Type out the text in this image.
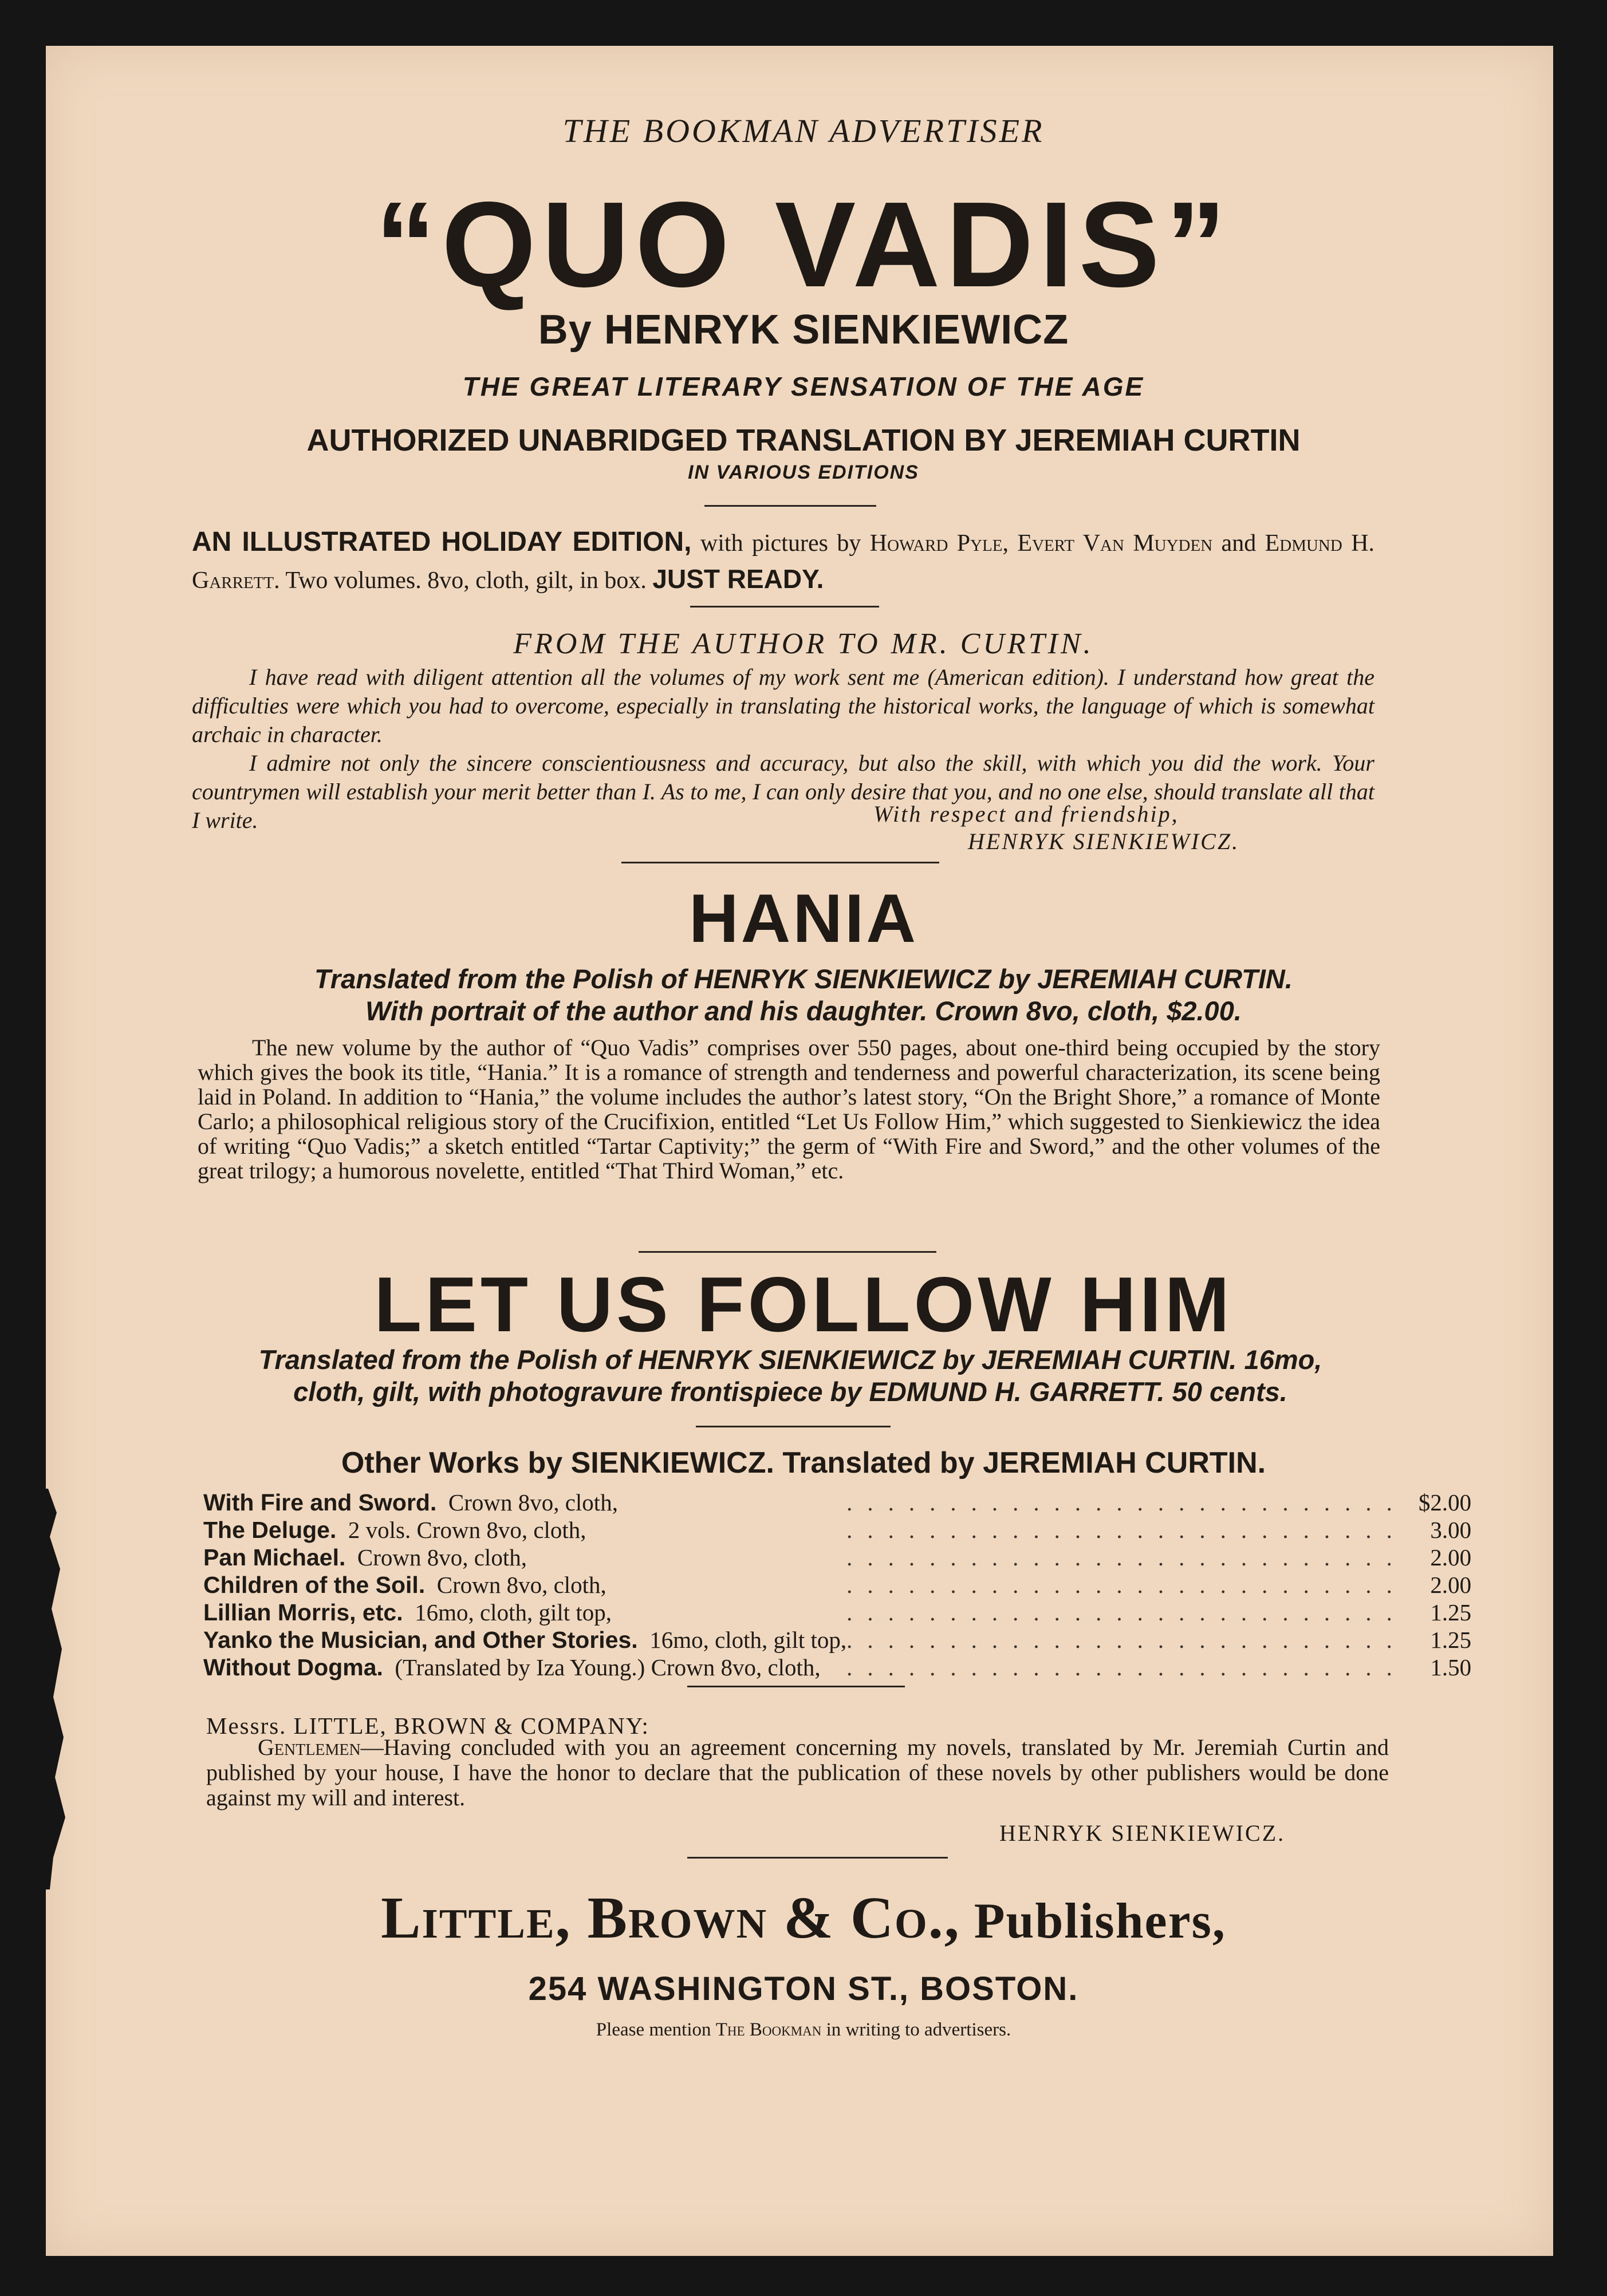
THE BOOKMAN ADVERTISER
“QUO VADIS”
By HENRYK SIENKIEWICZ
THE GREAT LITERARY SENSATION OF THE AGE
AUTHORIZED UNABRIDGED TRANSLATION BY JEREMIAH CURTIN
IN VARIOUS EDITIONS
AN ILLUSTRATED HOLIDAY EDITION, with pictures by Howard Pyle, Evert Van Muyden and Edmund H. Garrett. Two volumes. 8vo, cloth, gilt, in box. JUST READY.
FROM THE AUTHOR TO MR. CURTIN.

I have read with diligent attention all the volumes of my work sent me (American edition). I understand how great the difficulties were which you had to overcome, especially in translating the historical works, the language of which is somewhat archaic in character.

I admire not only the sincere conscientiousness and accuracy, but also the skill, with which you did the work. Your countrymen will establish your merit better than I. As to me, I can only desire that you, and no one else, should translate all that I write.	With respect and friendship,
HENRYK SIENKIEWICZ.
HANIA
Translated from the Polish of HENRYK SIENKIEWICZ by JEREMIAH CURTIN.
With portrait of the author and his daughter. Crown 8vo, cloth, $2.00.

The new volume by the author of “Quo Vadis” comprises over 550 pages, about one-third being occupied by the story which gives the book its title, “Hania.” It is a romance of strength and tenderness and powerful characterization, its scene being laid in Poland. In addition to “Hania,” the volume includes the author’s latest story, “On the Bright Shore,” a romance of Monte Carlo; a philosophical religious story of the Crucifixion, entitled “Let Us Follow Him,” which suggested to Sienkiewicz the idea of writing “Quo Vadis;” a sketch entitled “Tartar Captivity;” the germ of “With Fire and Sword,” and the other volumes of the great trilogy; a humorous novelette, entitled “That Third Woman,” etc.

LET US FOLLOW HIM
Translated from the Polish of HENRYK SIENKIEWICZ by JEREMIAH CURTIN. 16mo,
cloth, gilt, with photogravure frontispiece by EDMUND H. GARRETT. 50 cents.
Other Works by SIENKIEWICZ. Translated by JEREMIAH CURTIN.
With Fire and Sword. Crown 8vo, cloth,	...........................	$2.00
The Deluge. 2 vols. Crown 8vo, cloth,	...........................	3.00
Pan Michael. Crown 8vo, cloth,	...........................	2.00
Children of the Soil. Crown 8vo, cloth,	...........................	2.00
Lillian Morris, etc. 16mo, cloth, gilt top,	...........................	1.25
Yanko the Musician, and Other Stories. 16mo, cloth, gilt top,	...........................	1.25
Without Dogma. (Translated by Iza Young.) Crown 8vo, cloth,	...........................	1.50
Messrs. LITTLE, BROWN & COMPANY:

Gentlemen—Having concluded with you an agreement concerning my novels, translated by Mr. Jeremiah Curtin and published by your house, I have the honor to declare that the publication of these novels by other publishers would be done against my will and interest.

HENRYK SIENKIEWICZ.
Little, Brown & Co., Publishers,
254 WASHINGTON ST., BOSTON.
Please mention The Bookman in writing to advertisers.
